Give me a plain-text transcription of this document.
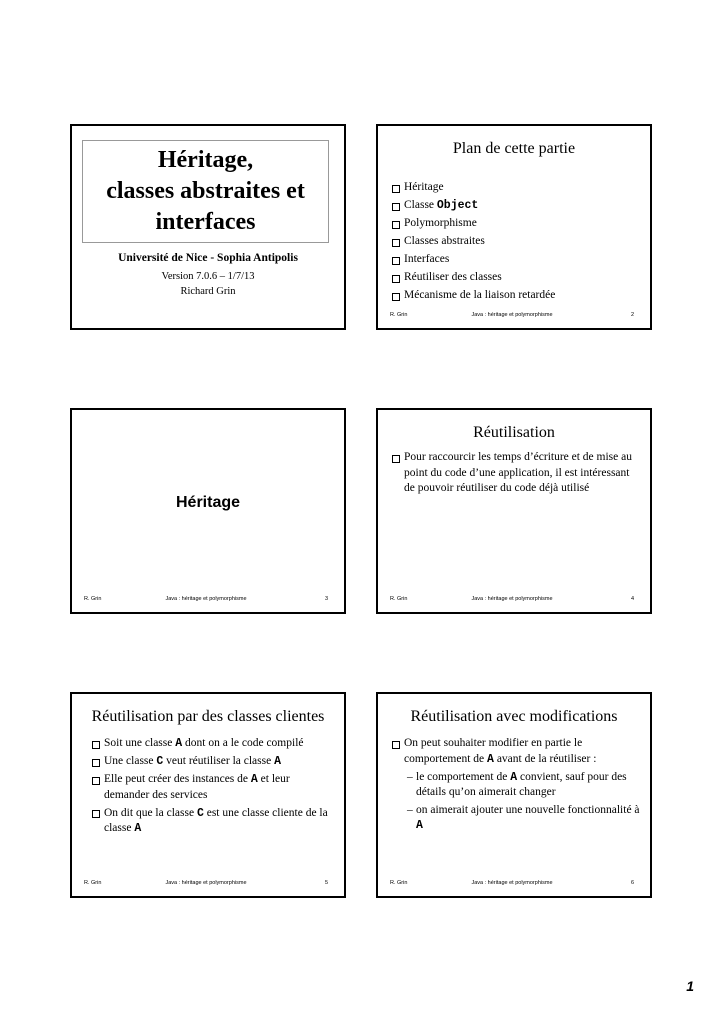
Héritage,
classes abstraites et
interfaces
Université de Nice - Sophia Antipolis
Version 7.0.6 – 1/7/13
Richard Grin
Plan de cette partie
Héritage
Classe Object
Polymorphisme
Classes abstraites
Interfaces
Réutiliser des classes
Mécanisme de la liaison retardée
R. Grin	Java : héritage et polymorphisme	2
Héritage
R. Grin	Java : héritage et polymorphisme	3
Réutilisation
Pour raccourcir les temps d’écriture et de mise au point du code d’une application, il est intéressant de pouvoir réutiliser du code déjà utilisé
R. Grin	Java : héritage et polymorphisme	4
Réutilisation par des classes clientes
Soit une classe A dont on a le code compilé
Une classe C veut réutiliser la classe A
Elle peut créer des instances de A et leur demander des services
On dit que la classe C est une classe cliente de la classe A
R. Grin	Java : héritage et polymorphisme	5
Réutilisation avec modifications
On peut souhaiter modifier en partie le comportement de A avant de la réutiliser :
– le comportement de A convient, sauf pour des détails qu’on aimerait changer
– on aimerait ajouter une nouvelle fonctionnalité à A
R. Grin	Java : héritage et polymorphisme	6
1
